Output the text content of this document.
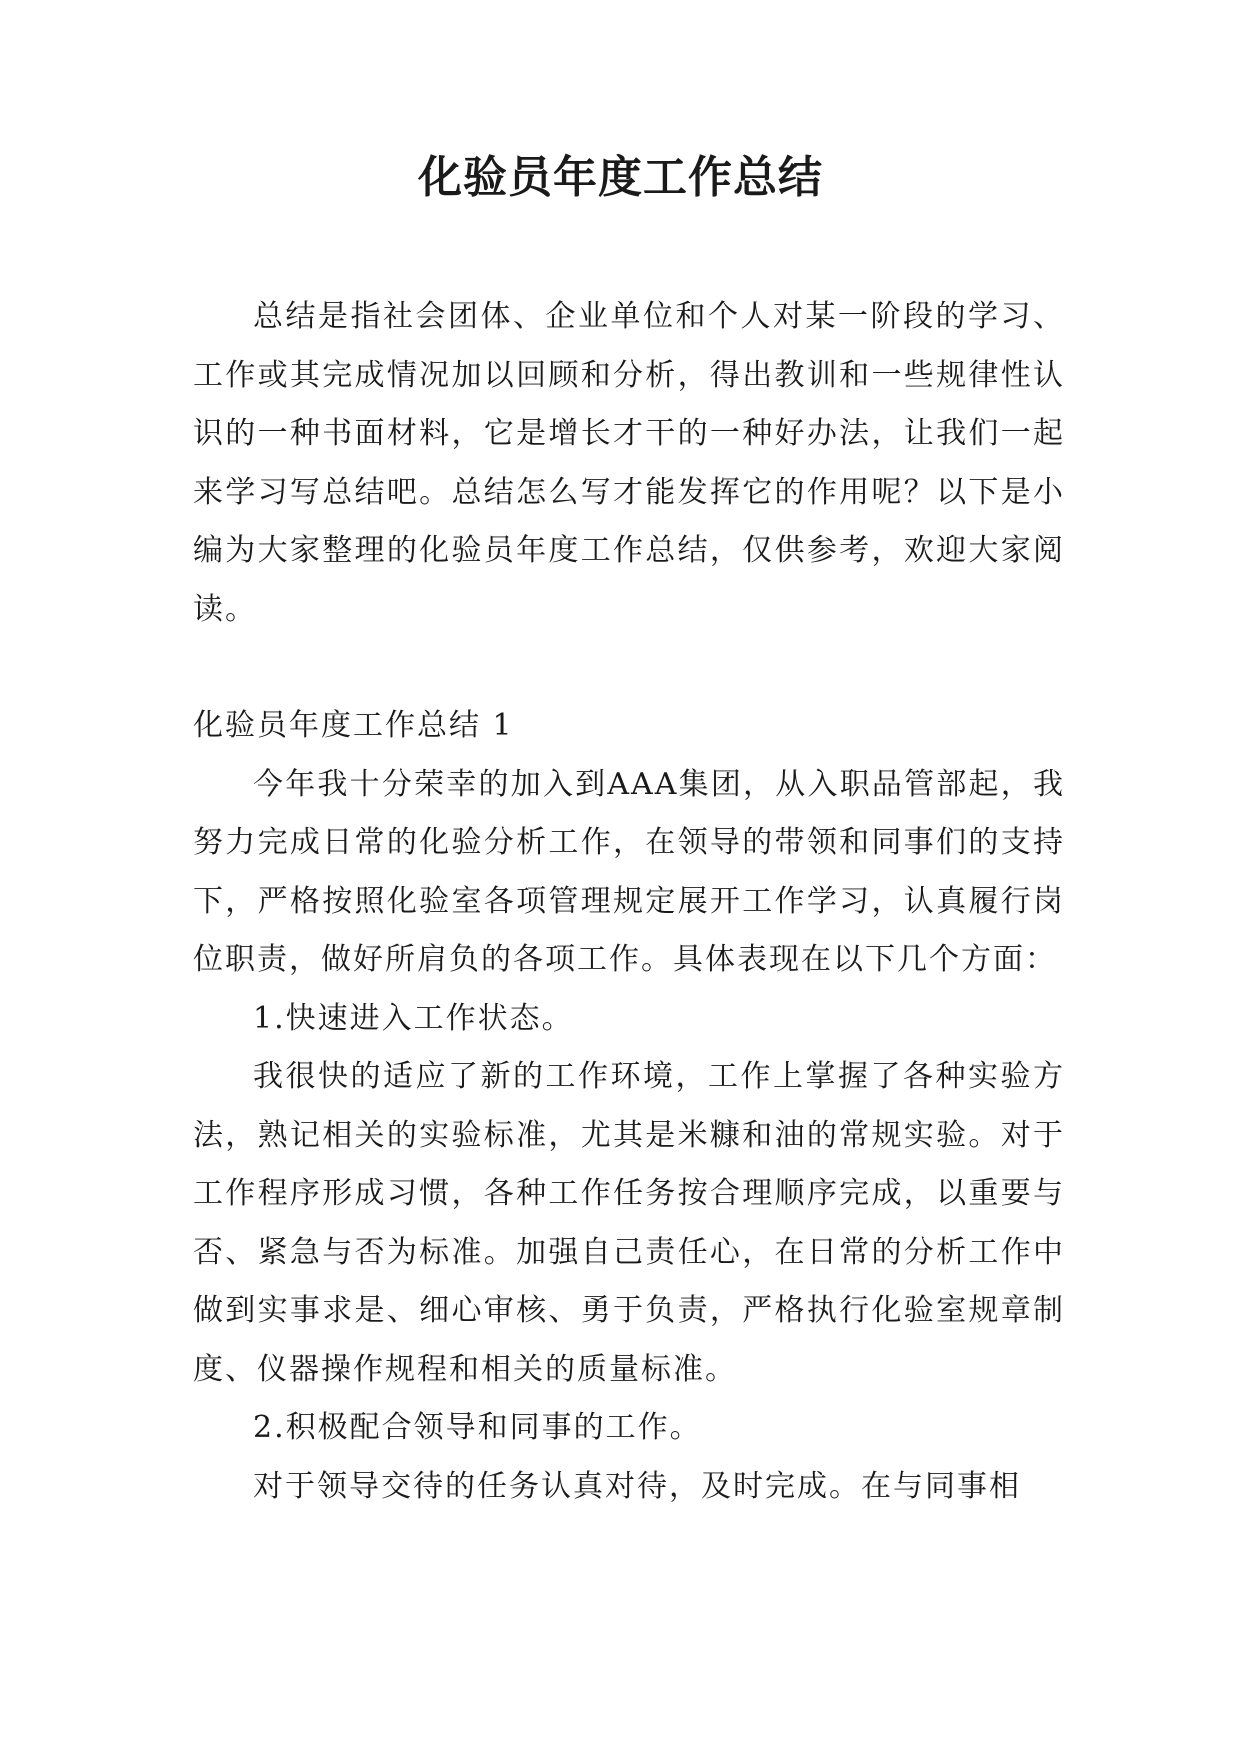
化验员年度工作总结

总结是指社会团体、企业单位和个人对某一阶段的学习、工作或其完成情况加以回顾和分析，得出教训和一些规律性认识的一种书面材料，它是增长才干的一种好办法，让我们一起来学习写总结吧。总结怎么写才能发挥它的作用呢？以下是小编为大家整理的化验员年度工作总结，仅供参考，欢迎大家阅读。

化验员年度工作总结 1

今年我十分荣幸的加入到AAA集团，从入职品管部起，我努力完成日常的化验分析工作，在领导的带领和同事们的支持下，严格按照化验室各项管理规定展开工作学习，认真履行岗位职责，做好所肩负的各项工作。具体表现在以下几个方面：

1.快速进入工作状态。

我很快的适应了新的工作环境，工作上掌握了各种实验方法，熟记相关的实验标准，尤其是米糠和油的常规实验。对于工作程序形成习惯，各种工作任务按合理顺序完成，以重要与否、紧急与否为标准。加强自己责任心，在日常的分析工作中做到实事求是、细心审核、勇于负责，严格执行化验室规章制度、仪器操作规程和相关的质量标准。

2.积极配合领导和同事的工作。

对于领导交待的任务认真对待，及时完成。在与同事相
